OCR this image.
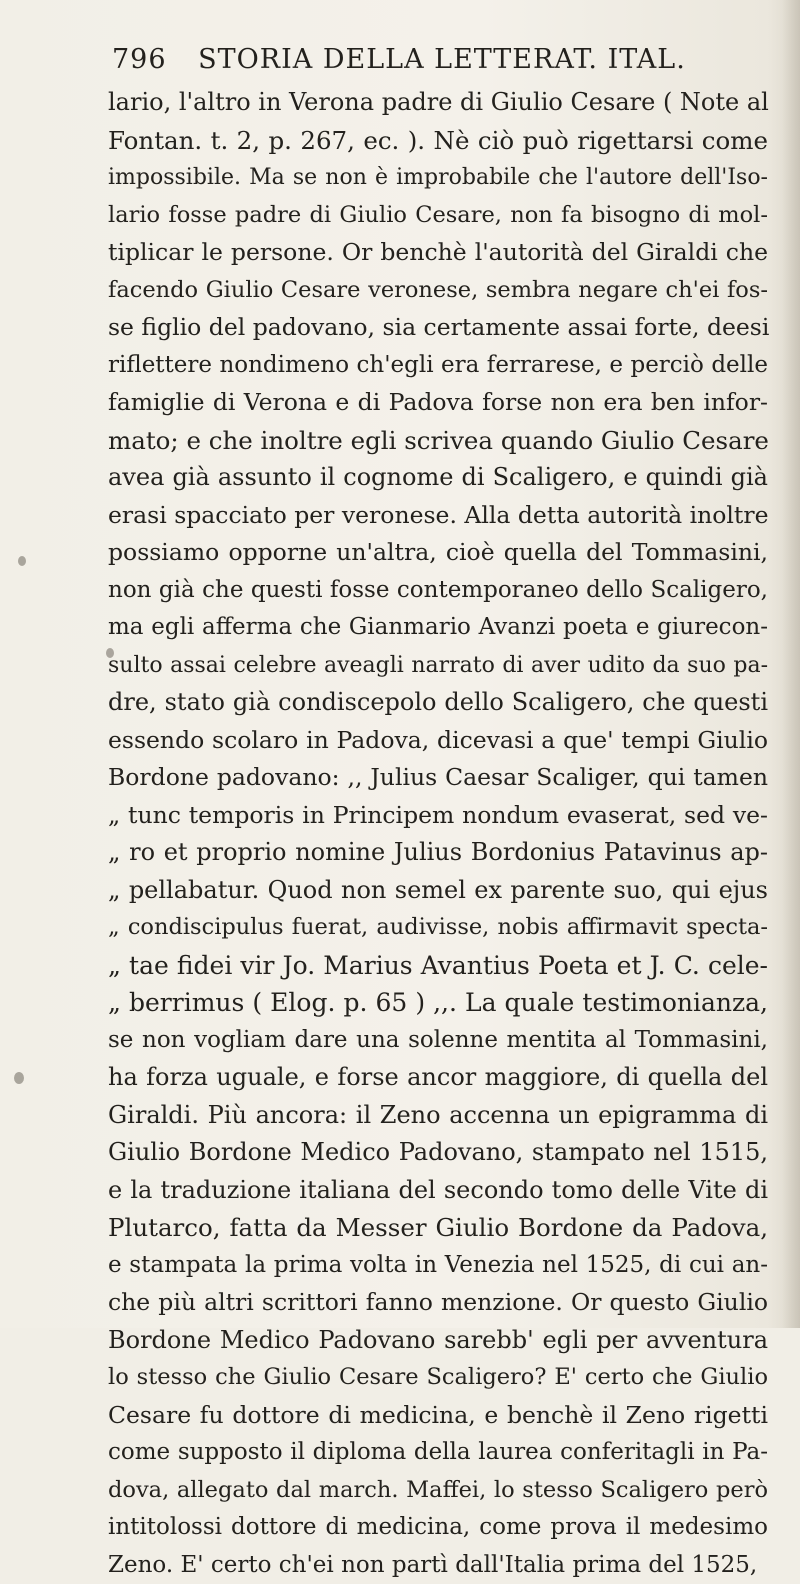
796 STORIA DELLA LETTERAT. ITAL.
lario, l'altro in Verona padre di Giulio Cesare ( Note al
Fontan. t. 2, p. 267, ec. ). Nè ciò può rigettarsi come
impossibile. Ma se non è improbabile che l'autore dell'Iso-
lario fosse padre di Giulio Cesare, non fa bisogno di mol-
tiplicar le persone. Or benchè l'autorità del Giraldi che
facendo Giulio Cesare veronese, sembra negare ch'ei fos-
se figlio del padovano, sia certamente assai forte, deesi
riflettere nondimeno ch'egli era ferrarese, e perciò delle
famiglie di Verona e di Padova forse non era ben infor-
mato; e che inoltre egli scrivea quando Giulio Cesare
avea già assunto il cognome di Scaligero, e quindi già
erasi spacciato per veronese. Alla detta autorità inoltre
possiamo opporne un'altra, cioè quella del Tommasini,
non già che questi fosse contemporaneo dello Scaligero,
ma egli afferma che Gianmario Avanzi poeta e giurecon-
sulto assai celebre aveagli narrato di aver udito da suo pa-
dre, stato già condiscepolo dello Scaligero, che questi
essendo scolaro in Padova, dicevasi a que' tempi Giulio
Bordone padovano: ,, Julius Caesar Scaliger, qui tamen
„ tunc temporis in Principem nondum evaserat, sed ve-
„ ro et proprio nomine Julius Bordonius Patavinus ap-
„ pellabatur. Quod non semel ex parente suo, qui ejus
„ condiscipulus fuerat, audivisse, nobis affirmavit specta-
„ tae fidei vir Jo. Marius Avantius Poeta et J. C. cele-
„ berrimus ( Elog. p. 65 ) ,,. La quale testimonianza,
se non vogliam dare una solenne mentita al Tommasini,
ha forza uguale, e forse ancor maggiore, di quella del
Giraldi. Più ancora: il Zeno accenna un epigramma di
Giulio Bordone Medico Padovano, stampato nel 1515,
e la traduzione italiana del secondo tomo delle Vite di
Plutarco, fatta da Messer Giulio Bordone da Padova,
e stampata la prima volta in Venezia nel 1525, di cui an-
che più altri scrittori fanno menzione. Or questo Giulio
Bordone Medico Padovano sarebb' egli per avventura
lo stesso che Giulio Cesare Scaligero? E' certo che Giulio
Cesare fu dottore di medicina, e benchè il Zeno rigetti
come supposto il diploma della laurea conferitagli in Pa-
dova, allegato dal march. Maffei, lo stesso Scaligero però
intitolossi dottore di medicina, come prova il medesimo
Zeno. E' certo ch'ei non partì dall'Italia prima del 1525,
